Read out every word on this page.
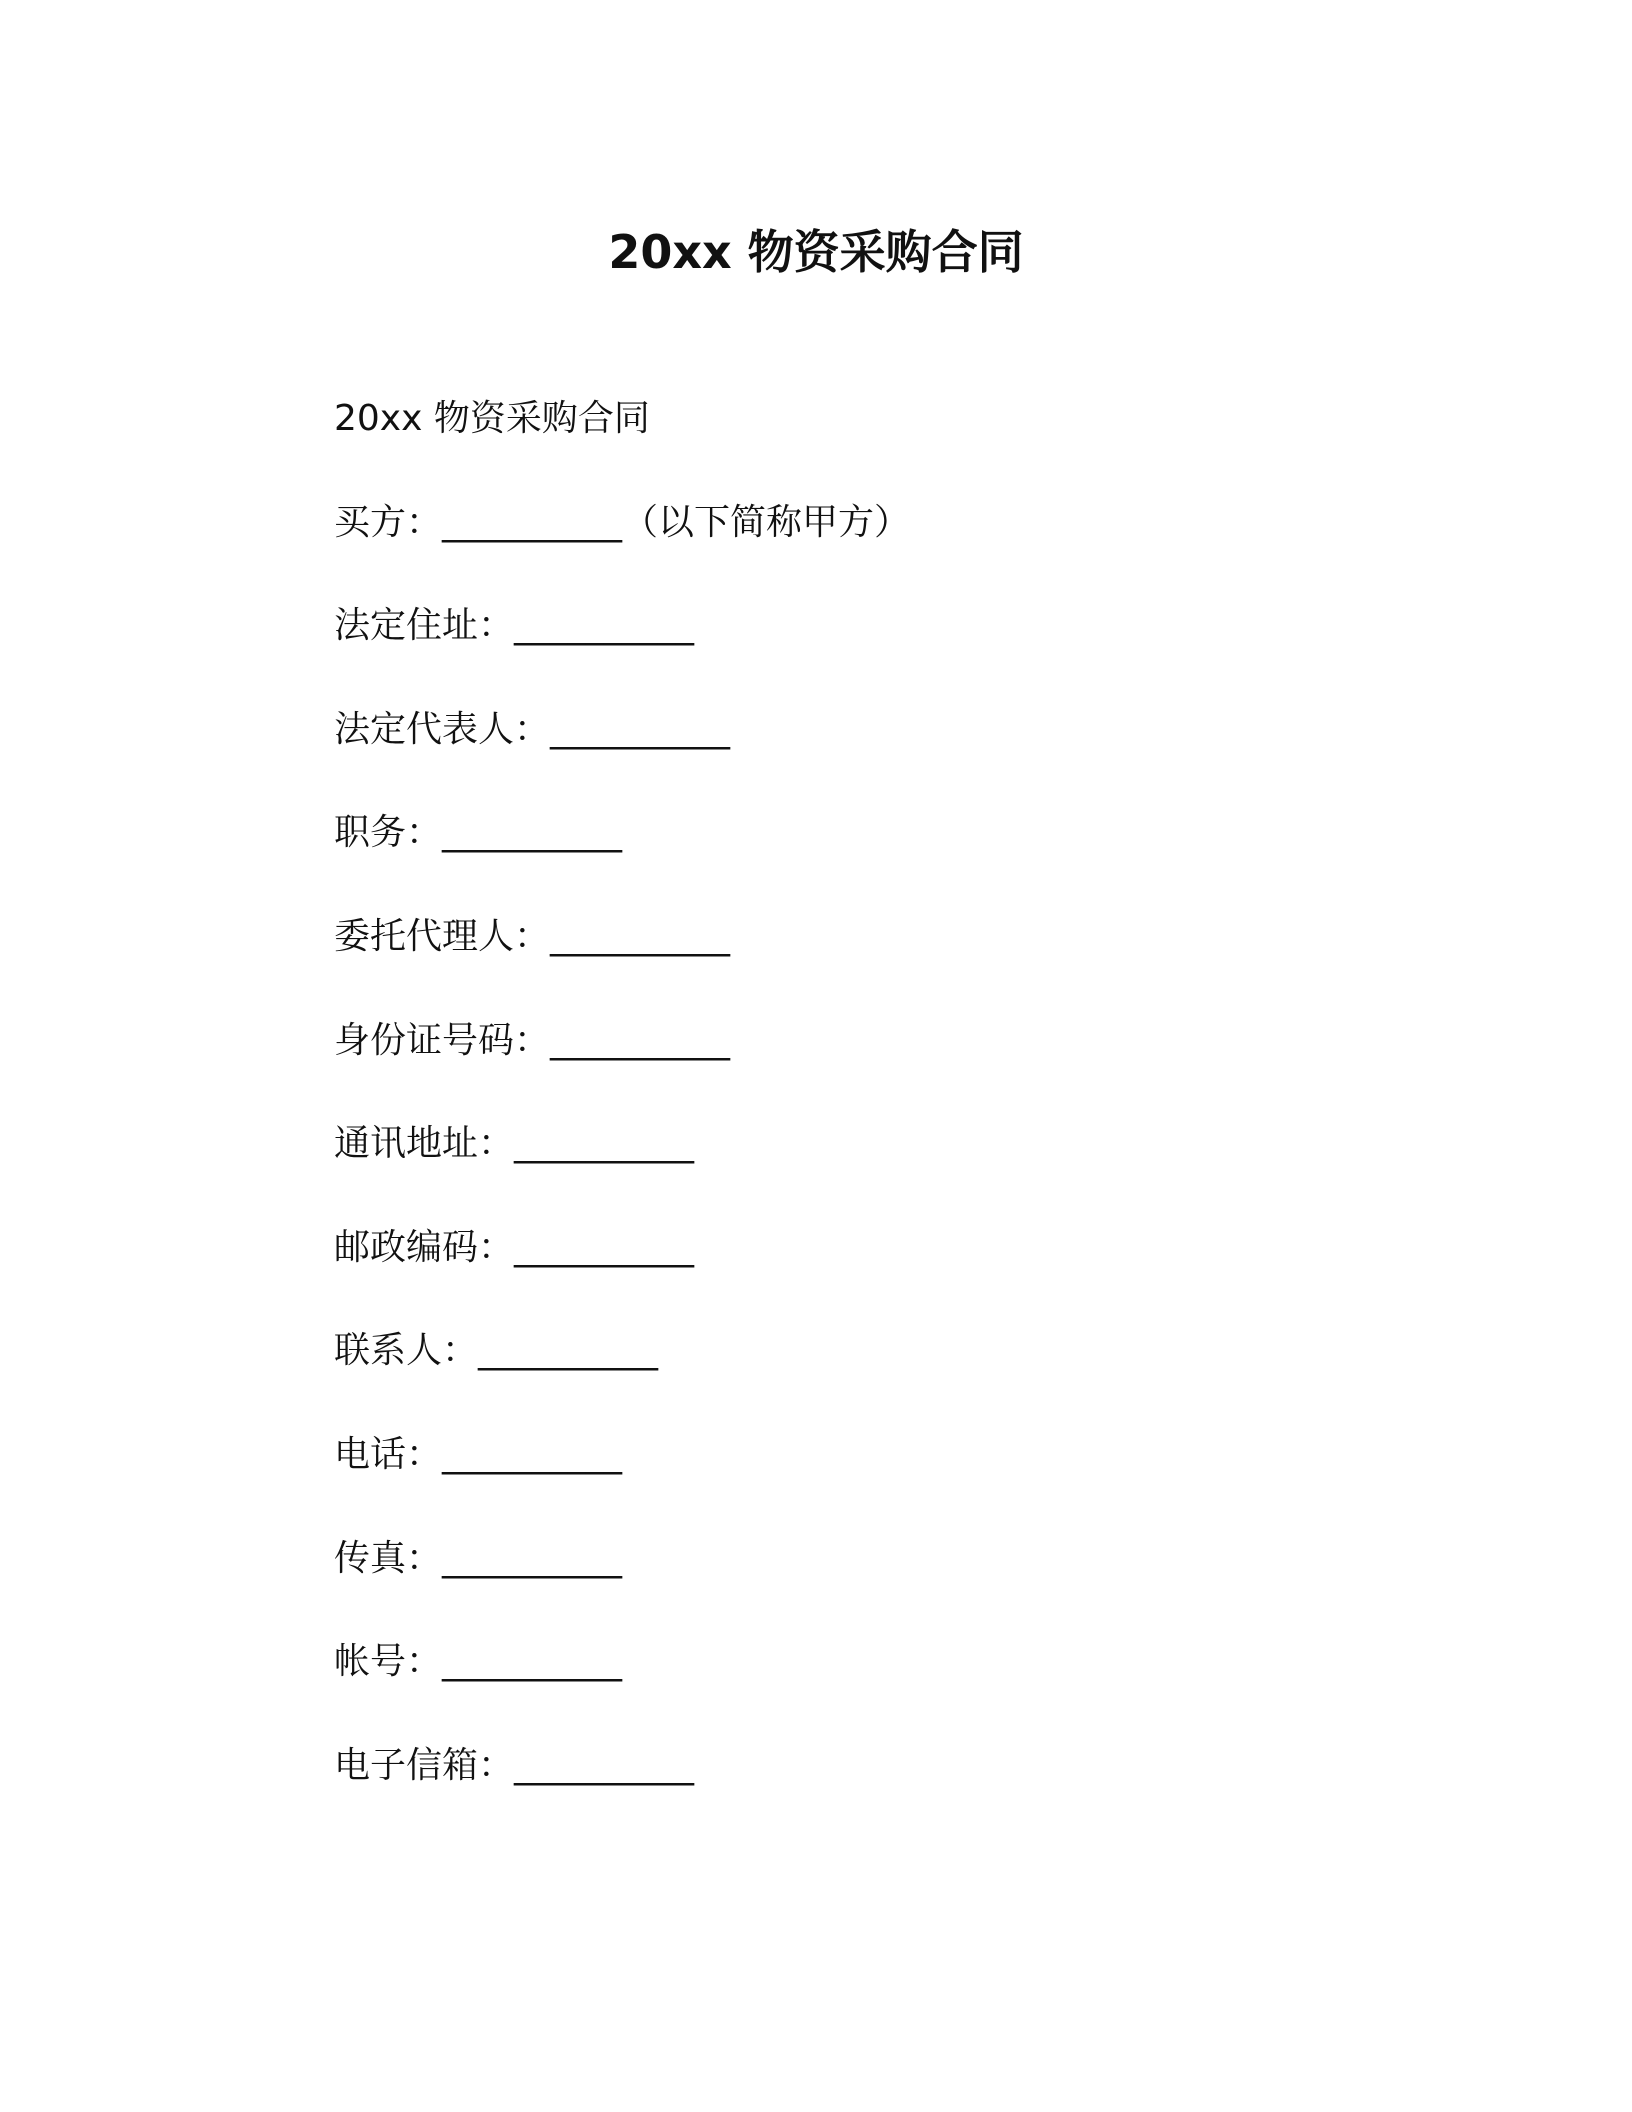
20xx 物资采购合同
20xx 物资采购合同
买方：__________（以下简称甲方）
法定住址：__________
法定代表人：__________
职务：__________
委托代理人：__________
身份证号码：__________
通讯地址：__________
邮政编码：__________
联系人：__________
电话：__________
传真：__________
帐号：__________
电子信箱：__________
